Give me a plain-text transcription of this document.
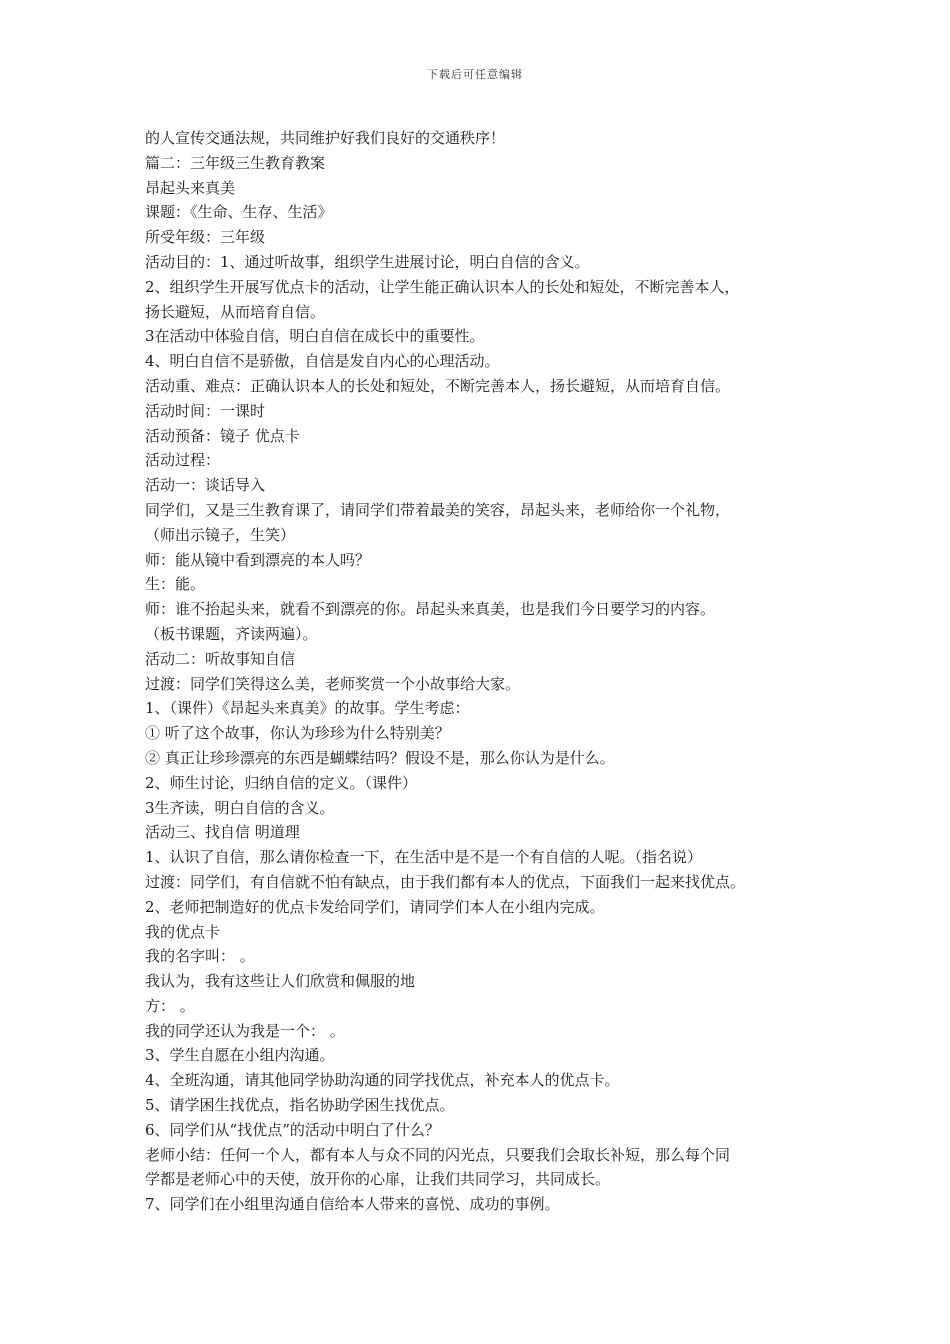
下载后可任意编辑
的人宣传交通法规，共同维护好我们良好的交通秩序！
篇二：三年级三生教育教案
昂起头来真美
课题：《生命、生存、生活》
所受年级：三年级
活动目的：1、通过听故事，组织学生进展讨论，明白自信的含义。
2、组织学生开展写优点卡的活动，让学生能正确认识本人的长处和短处，不断完善本人，
扬长避短，从而培育自信。
3在活动中体验自信，明白自信在成长中的重要性。
4、明白自信不是骄傲，自信是发自内心的心理活动。
活动重、难点：正确认识本人的长处和短处，不断完善本人，扬长避短，从而培育自信。
活动时间：一课时
活动预备：镜子 优点卡
活动过程：
活动一：谈话导入
同学们，又是三生教育课了，请同学们带着最美的笑容，昂起头来，老师给你一个礼物，
（师出示镜子，生笑）
师：能从镜中看到漂亮的本人吗？
生：能。
师：谁不抬起头来，就看不到漂亮的你。昂起头来真美，也是我们今日要学习的内容。
（板书课题，齐读两遍）。
活动二：听故事知自信
过渡：同学们笑得这么美，老师奖赏一个小故事给大家。
1、（课件）《昂起头来真美》的故事。学生考虑：
① 听了这个故事，你认为珍珍为什么特别美？
② 真正让珍珍漂亮的东西是蝴蝶结吗？假设不是，那么你认为是什么。
2、师生讨论，归纳自信的定义。（课件）
3生齐读，明白自信的含义。
活动三、找自信 明道理
1、认识了自信，那么请你检查一下，在生活中是不是一个有自信的人呢。（指名说）
过渡：同学们，有自信就不怕有缺点，由于我们都有本人的优点，下面我们一起来找优点。
2、老师把制造好的优点卡发给同学们，请同学们本人在小组内完成。
我的优点卡
我的名字叫： 。
我认为，我有这些让人们欣赏和佩服的地
方： 。
我的同学还认为我是一个： 。
3、学生自愿在小组内沟通。
4、全班沟通，请其他同学协助沟通的同学找优点，补充本人的优点卡。
5、请学困生找优点，指名协助学困生找优点。
6、同学们从“找优点”的活动中明白了什么？
老师小结：任何一个人，都有本人与众不同的闪光点，只要我们会取长补短，那么每个同
学都是老师心中的天使，放开你的心扉，让我们共同学习，共同成长。
7、同学们在小组里沟通自信给本人带来的喜悦、成功的事例。
